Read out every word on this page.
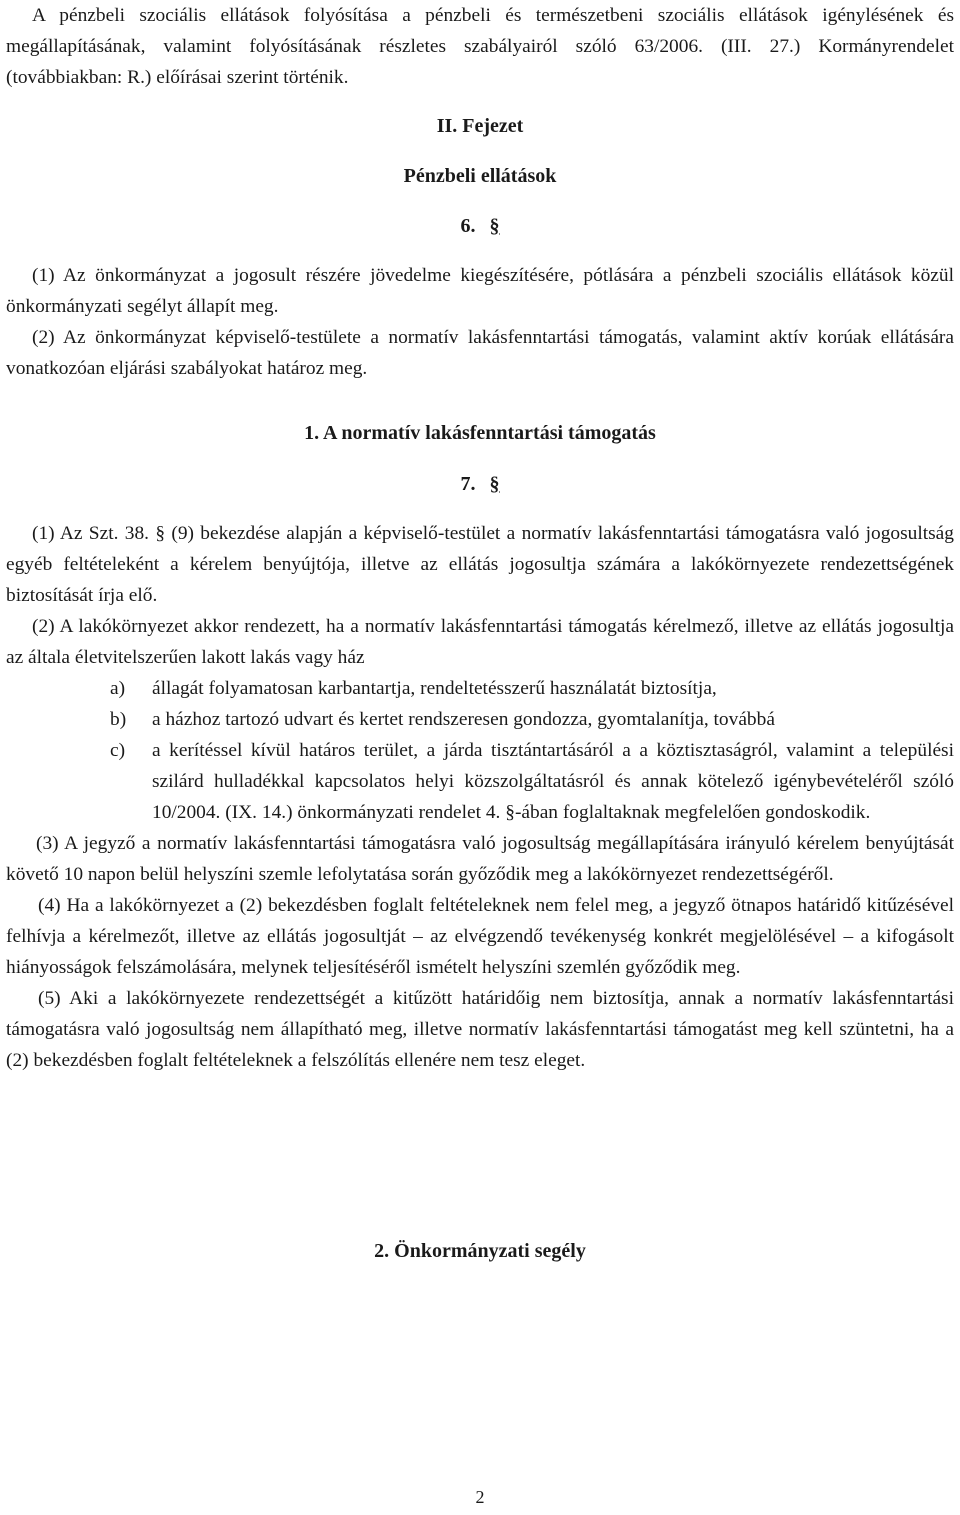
A pénzbeli szociális ellátások folyósítása a pénzbeli és természetbeni szociális ellátások igénylésének és megállapításának, valamint folyósításának részletes szabályairól szóló 63/2006. (III. 27.) Kormányrendelet (továbbiakban: R.) előírásai szerint történik.

II. Fejezet
Pénzbeli ellátások
6. §

(1) Az önkormányzat a jogosult részére jövedelme kiegészítésére, pótlására a pénzbeli szociális ellátások közül önkormányzati segélyt állapít meg.

(2) Az önkormányzat képviselő-testülete a normatív lakásfenntartási támogatás, valamint aktív korúak ellátására vonatkozóan eljárási szabályokat határoz meg.

1. A normatív lakásfenntartási támogatás
7. §

(1) Az Szt. 38. § (9) bekezdése alapján a képviselő-testület a normatív lakásfenntartási támogatásra való jogosultság egyéb feltételeként a kérelem benyújtója, illetve az ellátás jogosultja számára a lakókörnyezete rendezettségének biztosítását írja elő.

(2) A lakókörnyezet akkor rendezett, ha a normatív lakásfenntartási támogatás kérelmező, illetve az ellátás jogosultja az általa életvitelszerűen lakott lakás vagy ház

a)	állagát folyamatosan karbantartja, rendeltetésszerű használatát biztosítja,
b)	a házhoz tartozó udvart és kertet rendszeresen gondozza, gyomtalanítja, továbbá
c)	a kerítéssel kívül határos terület, a járda tisztántartásáról a a köztisztaságról, valamint a települési szilárd hulladékkal kapcsolatos helyi közszolgáltatásról és annak kötelező igénybevételéről szóló 10/2004. (IX. 14.) önkormányzati rendelet 4. §-ában foglaltaknak megfelelően gondoskodik.

(3) A jegyző a normatív lakásfenntartási támogatásra való jogosultság megállapítására irányuló kérelem benyújtását követő 10 napon belül helyszíni szemle lefolytatása során győződik meg a lakókörnyezet rendezettségéről.

(4) Ha a lakókörnyezet a (2) bekezdésben foglalt feltételeknek nem felel meg, a jegyző ötnapos határidő kitűzésével felhívja a kérelmezőt, illetve az ellátás jogosultját – az elvégzendő tevékenység konkrét megjelölésével – a kifogásolt hiányosságok felszámolására, melynek teljesítéséről ismételt helyszíni szemlén győződik meg.

(5) Aki a lakókörnyezete rendezettségét a kitűzött határidőig nem biztosítja, annak a normatív lakásfenntartási támogatásra való jogosultság nem állapítható meg, illetve normatív lakásfenntartási támogatást meg kell szüntetni, ha a (2) bekezdésben foglalt feltételeknek a felszólítás ellenére nem tesz eleget.

2. Önkormányzati segély
2
